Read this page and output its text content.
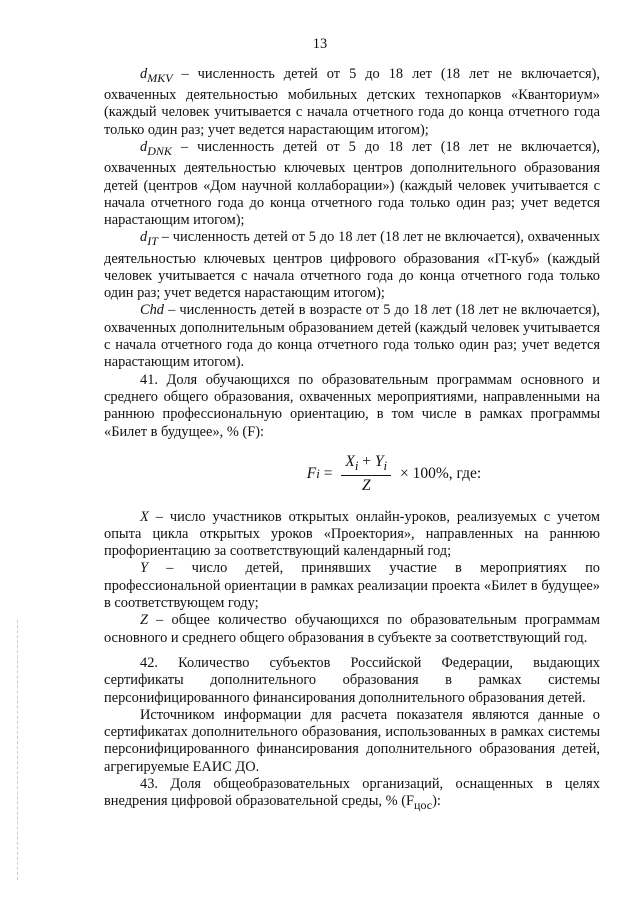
13

$d_{MKV}$ – численность детей от 5 до 18 лет (18 лет не включается), охваченных деятельностью мобильных детских технопарков «Кванториум» (каждый человек учитывается с начала отчетного года до конца отчетного года только один раз; учет ведется нарастающим итогом);

$d_{DNK}$ – численность детей от 5 до 18 лет (18 лет не включается), охваченных деятельностью ключевых центров дополнительного образования детей (центров «Дом научной коллаборации») (каждый человек учитывается с начала отчетного года до конца отчетного года только один раз; учет ведется нарастающим итогом);

$d_{IT}$ – численность детей от 5 до 18 лет (18 лет не включается), охваченных деятельностью ключевых центров цифрового образования «IT-куб» (каждый человек учитывается с начала отчетного года до конца отчетного года только один раз; учет ведется нарастающим итогом);

Chd – численность детей в возрасте от 5 до 18 лет (18 лет не включается), охваченных дополнительным образованием детей (каждый человек учитывается с начала отчетного года до конца отчетного года только один раз; учет ведется нарастающим итогом).

41. Доля обучающихся по образовательным программам основного и среднего общего образования, охваченных мероприятиями, направленными на раннюю профессиональную ориентацию, в том числе в рамках программы «Билет в будущее», % (F):

F $i = \frac{X_i + Y_i}{Z} \times 100\%$, где:

X – число участников открытых онлайн-уроков, реализуемых с учетом опыта цикла открытых уроков «Проектория», направленных на раннюю профориентацию за соответствующий календарный год;

Y – число детей, принявших участие в мероприятиях по профессиональной ориентации в рамках реализации проекта «Билет в будущее» в соответствующем году;

Z – общее количество обучающихся по образовательным программам основного и среднего общего образования в субъекте за соответствующий год.

42. Количество субъектов Российской Федерации, выдающих сертификаты дополнительного образования в рамках системы персонифицированного финансирования дополнительного образования детей.

Источником информации для расчета показателя являются данные о сертификатах дополнительного образования, использованных в рамках системы персонифицированного финансирования дополнительного образования детей, агрегируемые ЕАИС ДО.

43. Доля общеобразовательных организаций, оснащенных в целях внедрения цифровой образовательной среды, % $(F_{цос})$:
